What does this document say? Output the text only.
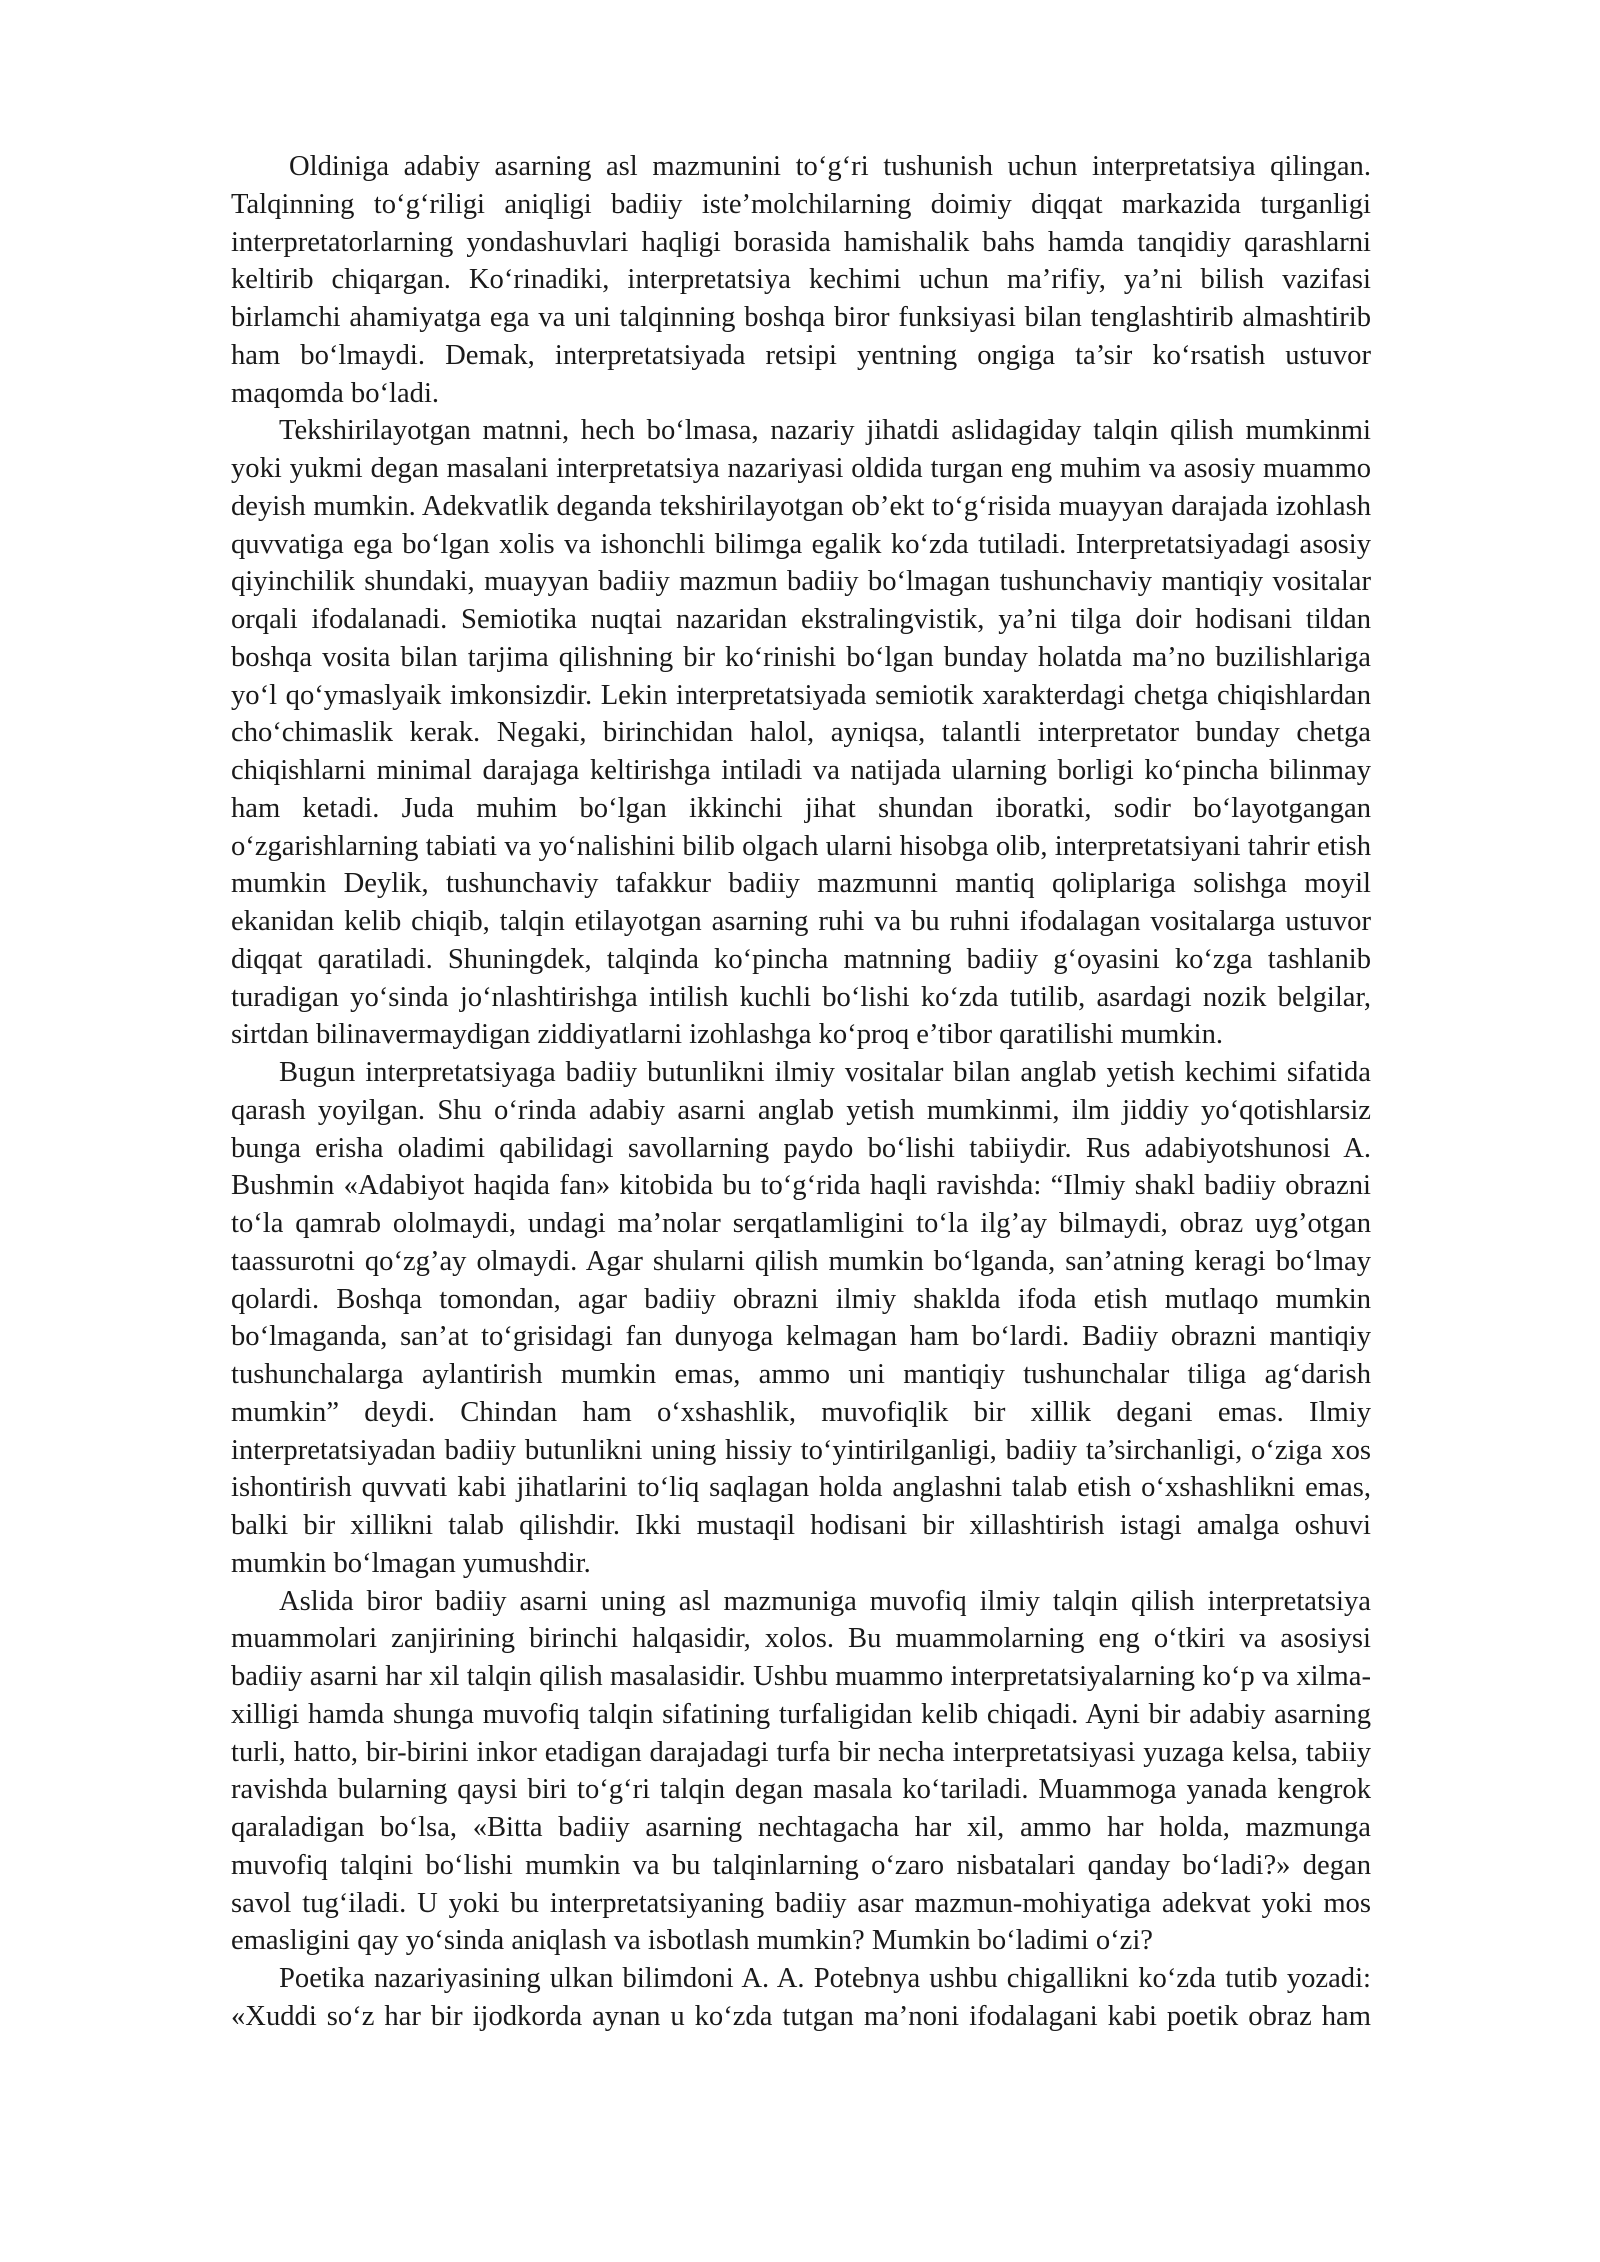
Oldiniga adabiy asarning asl mazmunini to‘g‘ri tushunish uchun interpretatsiya qilingan. Talqinning to‘g‘riligi aniqligi badiiy iste’molchilarning doimiy diqqat markazida turganligi interpretatorlarning yondashuvlari haqligi borasida hamishalik bahs hamda tanqidiy qarashlarni keltirib chiqargan. Ko‘rinadiki, interpretatsiya kechimi uchun ma’rifiy, ya’ni bilish vazifasi birlamchi ahamiyatga ega va uni talqinning boshqa biror funksiyasi bilan tenglashtirib almashtirib ham bo‘lmaydi. Demak, interpretatsiyada retsipi yentning ongiga ta’sir ko‘rsatish ustuvor maqomda bo‘ladi.

Tekshirilayotgan matnni, hech bo‘lmasa, nazariy jihatdi aslidagiday talqin qilish mumkinmi yoki yukmi degan masalani interpretatsiya nazariyasi oldida turgan eng muhim va asosiy muammo deyish mumkin. Adekvatlik deganda tekshirilayotgan ob’ekt to‘g‘risida muayyan darajada izohlash quvvatiga ega bo‘lgan xolis va ishonchli bilimga egalik ko‘zda tutiladi. Interpretatsiyadagi asosiy qiyinchilik shundaki, muayyan badiiy mazmun badiiy bo‘lmagan tushunchaviy mantiqiy vositalar orqali ifodalanadi. Semiotika nuqtai nazaridan ekstralingvistik, ya’ni tilga doir hodisani tildan boshqa vosita bilan tarjima qilishning bir ko‘rinishi bo‘lgan bunday holatda ma’no buzilishlariga yo‘l qo‘ymaslyaik imkonsizdir. Lekin interpretatsiyada semiotik xarakterdagi chetga chiqishlardan cho‘chimaslik kerak. Negaki, birinchidan halol, ayniqsa, talantli interpretator bunday chetga chiqishlarni minimal darajaga keltirishga intiladi va natijada ularning borligi ko‘pincha bilinmay ham ketadi. Juda muhim bo‘lgan ikkinchi jihat shundan iboratki, sodir bo‘layotgangan o‘zgarishlarning tabiati va yo‘nalishini bilib olgach ularni hisobga olib, interpretatsiyani tahrir etish mumkin Deylik, tushunchaviy tafakkur badiiy mazmunni mantiq qoliplariga solishga moyil ekanidan kelib chiqib, talqin etilayotgan asarning ruhi va bu ruhni ifodalagan vositalarga ustuvor diqqat qaratiladi. Shuningdek, talqinda ko‘pincha matnning badiiy g‘oyasini ko‘zga tashlanib turadigan yo‘sinda jo‘nlashtirishga intilish kuchli bo‘lishi ko‘zda tutilib, asardagi nozik belgilar, sirtdan bilinavermaydigan ziddiyatlarni izohlashga ko‘proq e’tibor qaratilishi mumkin.

Bugun interpretatsiyaga badiiy butunlikni ilmiy vositalar bilan anglab yetish kechimi sifatida qarash yoyilgan. Shu o‘rinda adabiy asarni anglab yetish mumkinmi, ilm jiddiy yo‘qotishlarsiz bunga erisha oladimi qabilidagi savollarning paydo bo‘lishi tabiiydir. Rus adabiyotshunosi A. Bushmin «Adabiyot haqida fan» kitobida bu to‘g‘rida haqli ravishda: “Ilmiy shakl badiiy obrazni to‘la qamrab ololmaydi, undagi ma’nolar serqatlamligini to‘la ilg’ay bilmaydi, obraz uyg’otgan taassurotni qo‘zg’ay olmaydi. Agar shularni qilish mumkin bo‘lganda, san’atning keragi bo‘lmay qolardi. Boshqa tomondan, agar badiiy obrazni ilmiy shaklda ifoda etish mutlaqo mumkin bo‘lmaganda, san’at to‘grisidagi fan dunyoga kelmagan ham bo‘lardi. Badiiy obrazni mantiqiy tushunchalarga aylantirish mumkin emas, ammo uni mantiqiy tushunchalar tiliga ag‘darish mumkin” deydi. Chindan ham o‘xshashlik, muvofiqlik bir xillik degani emas. Ilmiy interpretatsiyadan badiiy butunlikni uning hissiy to‘yintirilganligi, badiiy ta’sirchanligi, o‘ziga xos ishontirish quvvati kabi jihatlarini to‘liq saqlagan holda anglashni talab etish o‘xshashlikni emas, balki bir xillikni talab qilishdir. Ikki mustaqil hodisani bir xillashtirish istagi amalga oshuvi mumkin bo‘lmagan yumushdir.

Aslida biror badiiy asarni uning asl mazmuniga muvofiq ilmiy talqin qilish interpretatsiya muammolari zanjirining birinchi halqasidir, xolos. Bu muammolarning eng o‘tkiri va asosiysi badiiy asarni har xil talqin qilish masalasidir. Ushbu muammo interpretatsiyalarning ko‘p va xilma-xilligi hamda shunga muvofiq talqin sifatining turfaligidan kelib chiqadi. Ayni bir adabiy asarning turli, hatto, bir-birini inkor etadigan darajadagi turfa bir necha interpretatsiyasi yuzaga kelsa, tabiiy ravishda bularning qaysi biri to‘g‘ri talqin degan masala ko‘tariladi. Muammoga yanada kengrok qaraladigan bo‘lsa, «Bitta badiiy asarning nechtagacha har xil, ammo har holda, mazmunga muvofiq talqini bo‘lishi mumkin va bu talqinlarning o‘zaro nisbatalari qanday bo‘ladi?» degan savol tug‘iladi. U yoki bu interpretatsiyaning badiiy asar mazmun-mohiyatiga adekvat yoki mos emasligini qay yo‘sinda aniqlash va isbotlash mumkin? Mumkin bo‘ladimi o‘zi?

Poetika nazariyasining ulkan bilimdoni A. A. Potebnya ushbu chigallikni ko‘zda tutib yozadi: «Xuddi so‘z har bir ijodkorda aynan u ko‘zda tutgan ma’noni ifodalagani kabi poetik obraz ham
